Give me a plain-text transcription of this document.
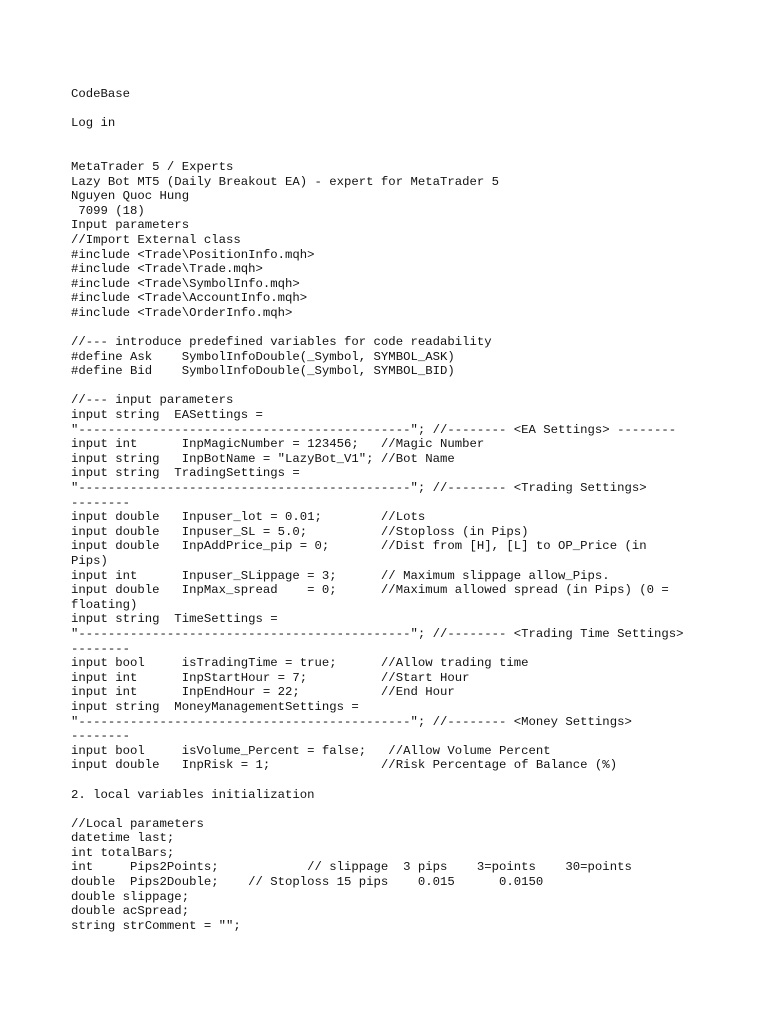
CodeBase
Log in
MetaTrader 5 / Experts
Lazy Bot MT5 (Daily Breakout EA) - expert for MetaTrader 5
Nguyen Quoc Hung
7099 (18)
Input parameters
//Import External class
#include <Trade\PositionInfo.mqh>
#include <Trade\Trade.mqh>
#include <Trade\SymbolInfo.mqh>
#include <Trade\AccountInfo.mqh>
#include <Trade\OrderInfo.mqh>
//--- introduce predefined variables for code readability
#define Ask    SymbolInfoDouble(_Symbol, SYMBOL_ASK)
#define Bid    SymbolInfoDouble(_Symbol, SYMBOL_BID)
//--- input parameters
input string  EASettings =
"---------------------------------------------"; //-------- <EA Settings> --------
input int      InpMagicNumber = 123456;   //Magic Number
input string   InpBotName = "LazyBot_V1"; //Bot Name
input string  TradingSettings =
"---------------------------------------------"; //-------- <Trading Settings>
--------
input double   Inpuser_lot = 0.01;        //Lots
input double   Inpuser_SL = 5.0;          //Stoploss (in Pips)
input double   InpAddPrice_pip = 0;       //Dist from [H], [L] to OP_Price (in
Pips)
input int      Inpuser_SLippage = 3;      // Maximum slippage allow_Pips.
input double   InpMax_spread    = 0;      //Maximum allowed spread (in Pips) (0 =
floating)
input string  TimeSettings =
"---------------------------------------------"; //-------- <Trading Time Settings>
--------
input bool     isTradingTime = true;      //Allow trading time
input int      InpStartHour = 7;          //Start Hour
input int      InpEndHour = 22;           //End Hour
input string  MoneyManagementSettings =
"---------------------------------------------"; //-------- <Money Settings>
--------
input bool     isVolume_Percent = false;   //Allow Volume Percent
input double   InpRisk = 1;               //Risk Percentage of Balance (%)
2. local variables initialization
//Local parameters
datetime last;
int totalBars;
int     Pips2Points;            // slippage  3 pips    3=points    30=points
double  Pips2Double;    // Stoploss 15 pips    0.015      0.0150
double slippage;
double acSpread;
string strComment = "";
